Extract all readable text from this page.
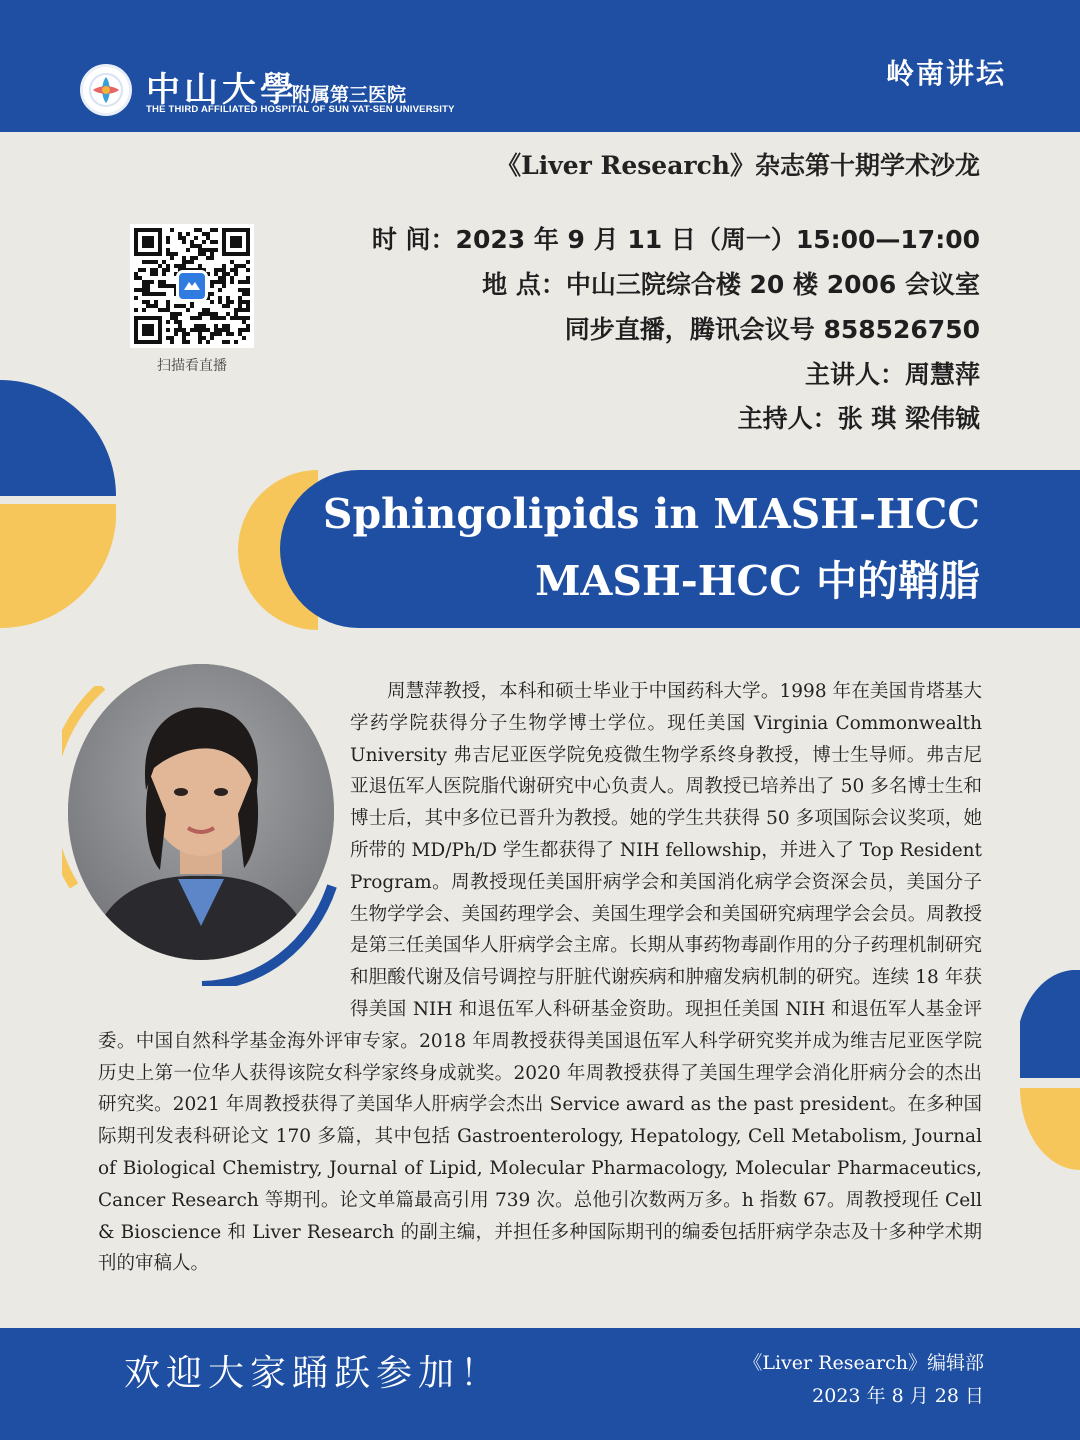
中山大學
附属第三医院
THE THIRD AFFILIATED HOSPITAL OF SUN YAT-SEN UNIVERSITY
岭南讲坛
《Liver Research》杂志第十期学术沙龙
扫描看直播
时 间：2023 年 9 月 11 日（周一）15:00—17:00
地 点：中山三院综合楼 20 楼 2006 会议室
同步直播，腾讯会议号 858526750
主讲人：周慧萍
主持人：张 琪 梁伟铖
Sphingolipids in MASH-HCC
MASH-HCC 中的鞘脂

周慧萍教授，本科和硕士毕业于中国药科大学。1998 年在美国肯塔基大学药学院获得分子生物学博士学位。现任美国 Virginia Commonwealth University 弗吉尼亚医学院免疫微生物学系终身教授，博士生导师。弗吉尼亚退伍军人医院脂代谢研究中心负责人。周教授已培养出了 50 多名博士生和博士后，其中多位已晋升为教授。她的学生共获得 50 多项国际会议奖项，她所带的 MD/Ph/D 学生都获得了 NIH fellowship，并进入了 Top Resident Program。周教授现任美国肝病学会和美国消化病学会资深会员，美国分子生物学学会、美国药理学会、美国生理学会和美国研究病理学会会员。周教授是第三任美国华人肝病学会主席。长期从事药物毒副作用的分子药理机制研究和胆酸代谢及信号调控与肝脏代谢疾病和肿瘤发病机制的研究。连续 18 年获得美国 NIH 和退伍军人科研基金资助。现担任美国 NIH 和退伍军人基金评委。中国自然科学基金海外评审专家。2018 年周教授获得美国退伍军人科学研究奖并成为维吉尼亚医学院历史上第一位华人获得该院女科学家终身成就奖。2020 年周教授获得了美国生理学会消化肝病分会的杰出研究奖。2021 年周教授获得了美国华人肝病学会杰出 Service award as the past president。在多种国际期刊发表科研论文 170 多篇，其中包括 Gastroenterology, Hepatology, Cell Metabolism, Journal of Biological Chemistry, Journal of Lipid, Molecular Pharmacology, Molecular Pharmaceutics, Cancer Research 等期刊。论文单篇最高引用 739 次。总他引次数两万多。h 指数 67。周教授现任 Cell & Bioscience 和 Liver Research 的副主编，并担任多种国际期刊的编委包括肝病学杂志及十多种学术期刊的审稿人。

欢迎大家踊跃参加！	《Liver Research》编辑部
2023 年 8 月 28 日
